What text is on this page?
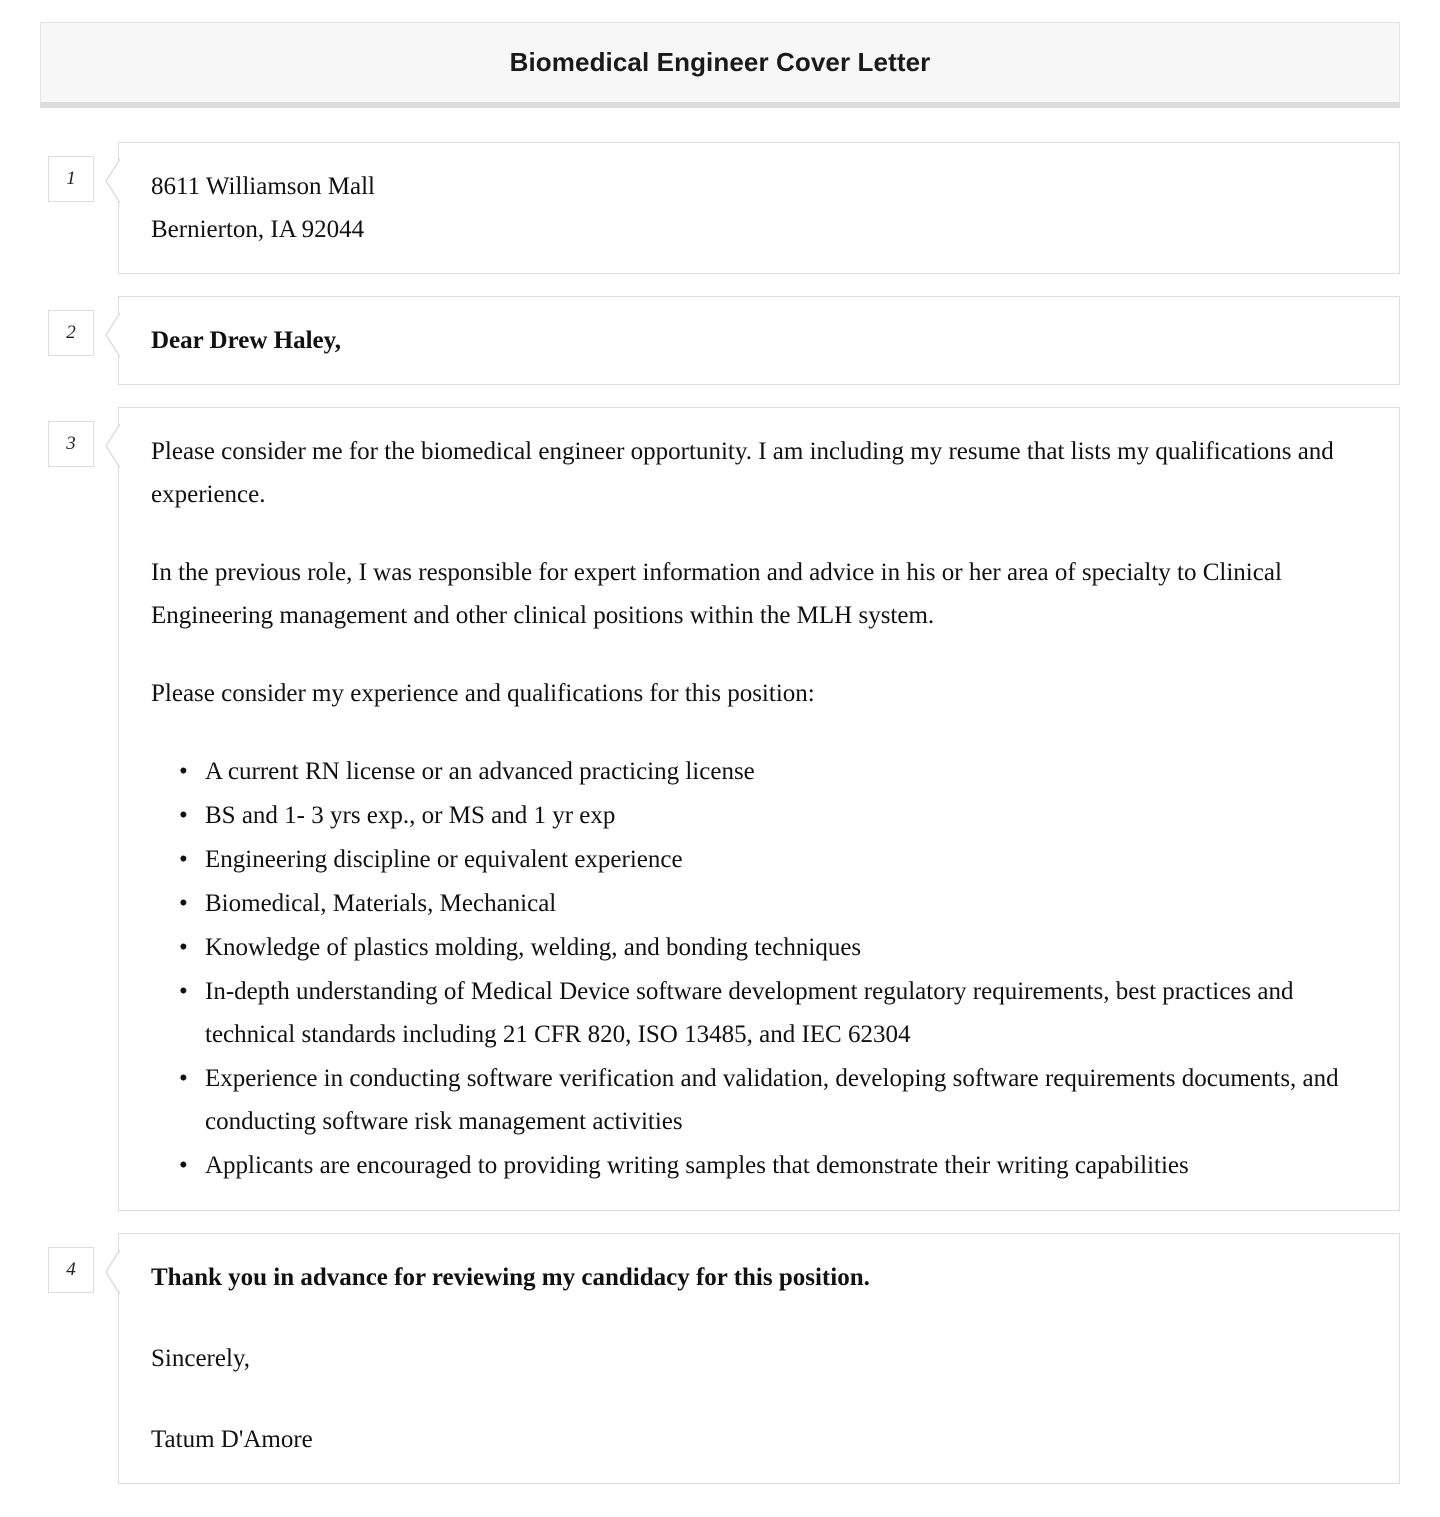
Biomedical Engineer Cover Letter
1	8611 Williamson Mall
Bernierton, IA 92044
2	Dear Drew Haley,
3	Please consider me for the biomedical engineer opportunity. I am including my resume that lists my qualifications and experience.

In the previous role, I was responsible for expert information and advice in his or her area of specialty to Clinical Engineering management and other clinical positions within the MLH system.

Please consider my experience and qualifications for this position:

• A current RN license or an advanced practicing license
• BS and 1- 3 yrs exp., or MS and 1 yr exp
• Engineering discipline or equivalent experience
• Biomedical, Materials, Mechanical
• Knowledge of plastics molding, welding, and bonding techniques
• In-depth understanding of Medical Device software development regulatory requirements, best practices and technical standards including 21 CFR 820, ISO 13485, and IEC 62304
• Experience in conducting software verification and validation, developing software requirements documents, and conducting software risk management activities
• Applicants are encouraged to providing writing samples that demonstrate their writing capabilities
4	Thank you in advance for reviewing my candidacy for this position.

Sincerely,

Tatum D'Amore
